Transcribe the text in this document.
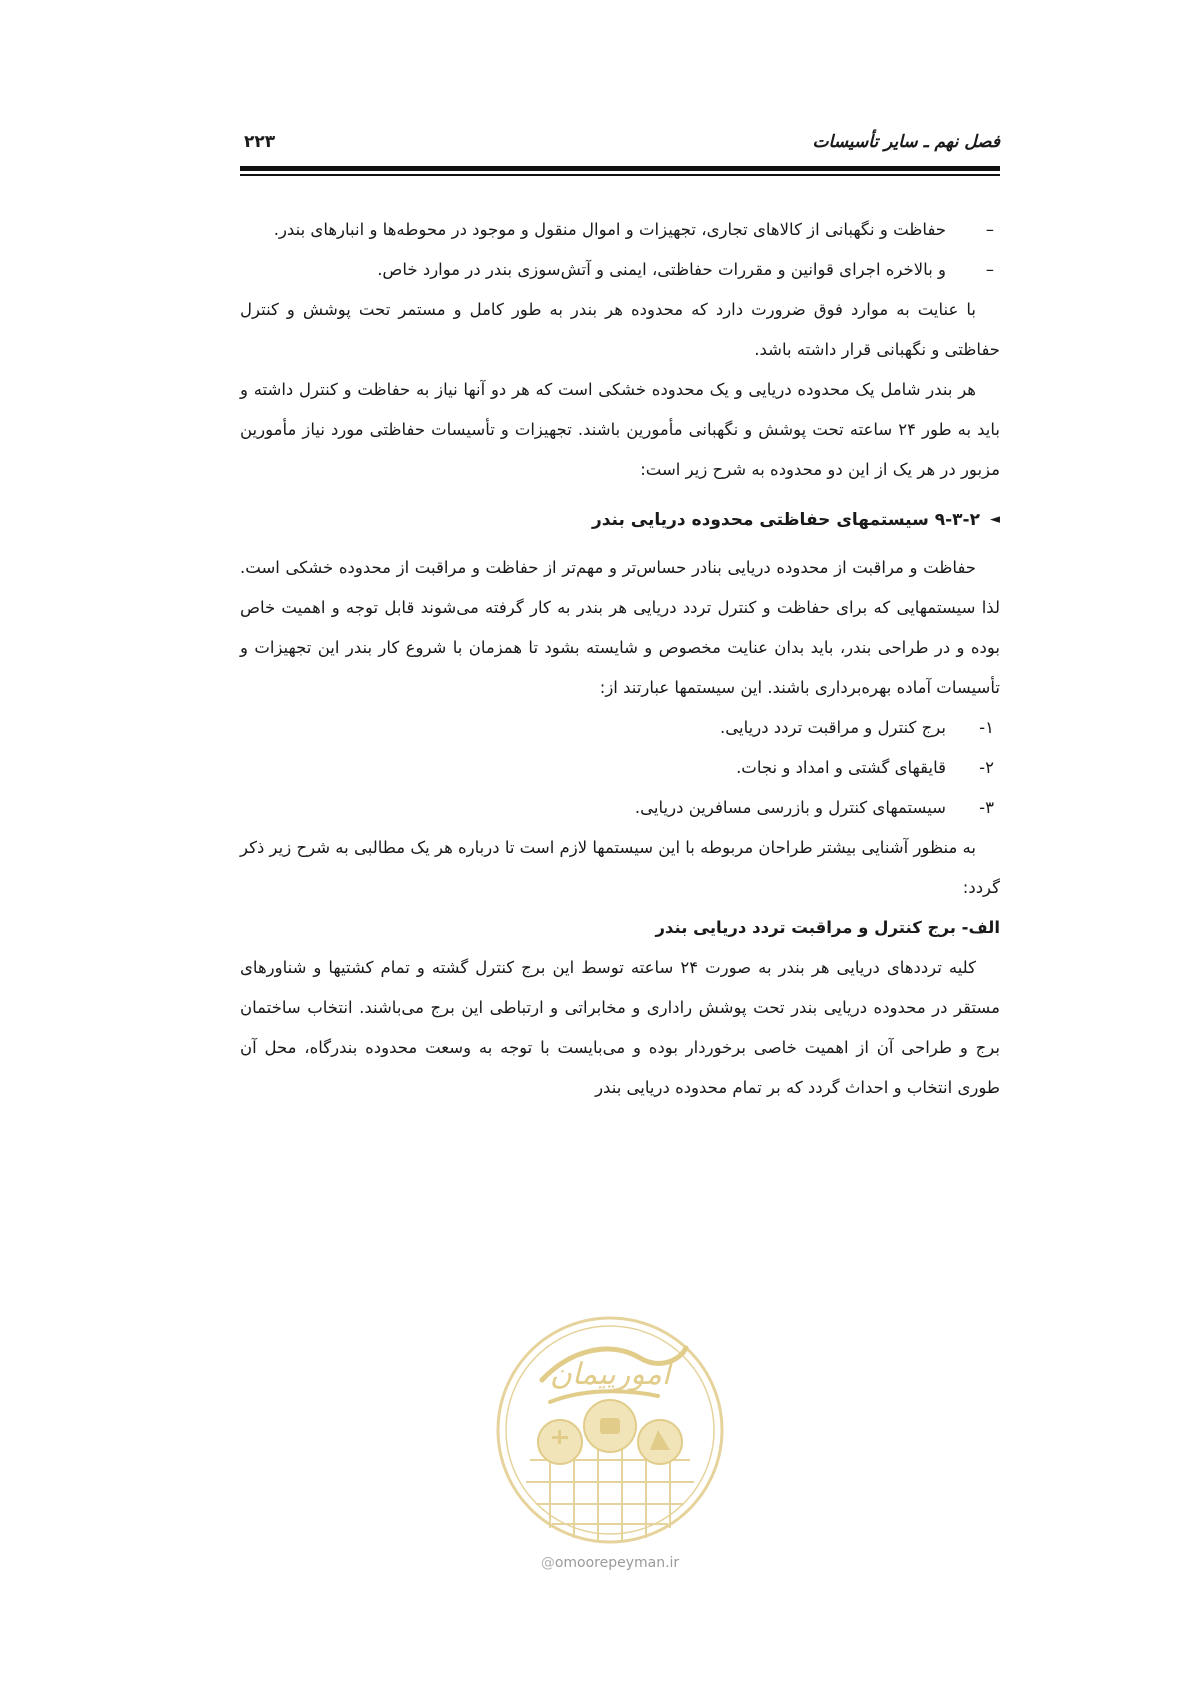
فصل نهم ـ سایر تأسیسات
۲۲۳

–
حفاظت و نگهبانی از کالاهای تجاری، تجهیزات و اموال منقول و موجود در محوطه‌ها و انبارهای بندر.

–
و بالاخره اجرای قوانین و مقررات حفاظتی، ایمنی و آتش‌سوزی بندر در موارد خاص.

با عنایت به موارد فوق ضرورت دارد که محدوده هر بندر به طور کامل و مستمر تحت پوشش و کنترل حفاظتی و نگهبانی قرار داشته باشد.

هر بندر شامل یک محدوده دریایی و یک محدوده خشکی است که هر دو آنها نیاز به حفاظت و کنترل داشته و باید به طور ۲۴ ساعته تحت پوشش و نگهبانی مأمورین باشند. تجهیزات و تأسیسات حفاظتی مورد نیاز مأمورین مزبور در هر یک از این دو محدوده به شرح زیر است:

◄
۹-۳-۲ سیستمهای حفاظتی محدوده دریایی بندر

حفاظت و مراقبت از محدوده دریایی بنادر حساس‌تر و مهم‌تر از حفاظت و مراقبت از محدوده خشکی است. لذا سیستمهایی که برای حفاظت و کنترل تردد دریایی هر بندر به کار گرفته می‌شوند قابل توجه و اهمیت خاص بوده و در طراحی بندر، باید بدان عنایت مخصوص و شایسته بشود تا همزمان با شروع کار بندر این تجهیزات و تأسیسات آماده بهره‌برداری باشند. این سیستمها عبارتند از:

۱-
برج کنترل و مراقبت تردد دریایی.

۲-
قایقهای گشتی و امداد و نجات.

۳-
سیستمهای کنترل و بازرسی مسافرین دریایی.

به منظور آشنایی بیشتر طراحان مربوطه با این سیستمها لازم است تا درباره هر یک مطالبی به شرح زیر ذکر گردد:

الف- برج کنترل و مراقبت تردد دریایی بندر

کلیه ترددهای دریایی هر بندر به صورت ۲۴ ساعته توسط این برج کنترل گشته و تمام کشتیها و شناورهای مستقر در محدوده دریایی بندر تحت پوشش راداری و مخابراتی و ارتباطی این برج می‌باشند. انتخاب ساختمان برج و طراحی آن از اهمیت خاصی برخوردار بوده و می‌بایست با توجه به وسعت محدوده بندرگاه، محل آن طوری انتخاب و احداث گردد که بر تمام محدوده دریایی بندر

امورپیمان
@omoorepeyman.ir
